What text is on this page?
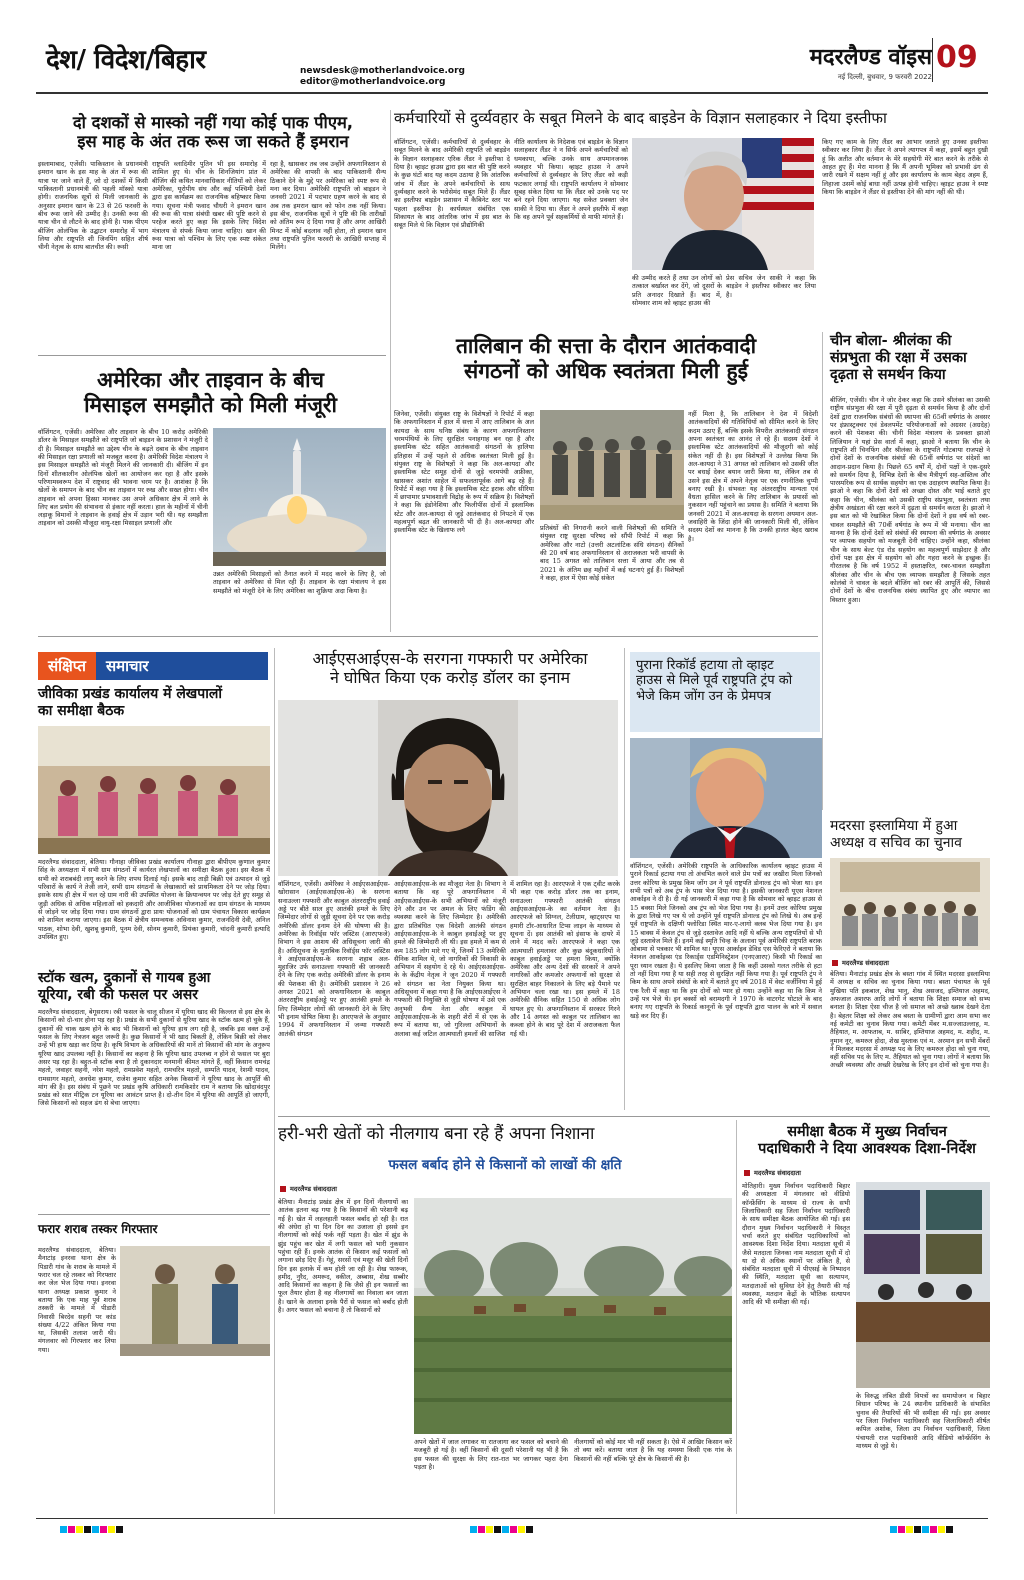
देश/ विदेश/बिहार	newsdesk@motherlandvoice.org
editor@motherlandvoice.org
मदरलैण्ड वॉइस 09
नई दिल्ली, बुधवार, 9 फरवरी 2022
दो दशकों से मास्को नहीं गया कोई पाक पीएम,
इस माह के अंत तक रूस जा सकते हैं इमरान
इस्लामाबाद, एजेंसी। पाकिस्तान के प्रधानमंत्री इमरान खान के इस माह के अंत में रूस की यात्रा पर जाने वाले हैं, जो दो दशकों में किसी पाकिस्तानी प्रधानमंत्री की पहली मॉस्को यात्रा होगी। राजनयिक सूत्रों से मिली जानकारी के अनुसार इमरान खान के 23 से 26 फरवरी के बीच रूस जाने की उम्मीद है। उनकी रूस की यात्रा चीन से लौटने के बाद होनी है। पाक पीएम बीजिंग ओलंपिक के उद्घाटन समारोह में भाग लिया और राष्ट्रपति शी जिनपिंग सहित शीर्ष चीनी नेतृत्व के साथ बातचीत की। रूसी
राष्ट्रपति व्लादिमीर पुतिन भी इस समारोह में शामिल हुए थे। चीन के शिनजियांग प्रांत में बीजिंग की कथित मानवाधिकार नीतियों को लेकर अमेरिका, यूरोपीय संघ और कई पश्चिमी देशों द्वारा इस कार्यक्रम का राजनयिक बहिष्कार किया गया। सूचना मंत्री फवाद चौधरी ने इमरान खान की रूस की यात्रा संबंधी खबर की पुष्टि करने से परहेज करते हुए कहा कि इसके लिए विदेश मंत्रालय से संपर्क किया जाना चाहिए। खान की रूस यात्रा को पश्चिम के लिए एक स्पष्ट संकेत माना जा
रहा है, खासकर तब जब उन्होंने अफगानिस्तान से अमेरिका की वापसी के बाद पाकिस्तानी सैन्य ठिकाने देने के मुद्दे पर अमेरिका को स्पष्ट रूप से मना कर दिया। अमेरिकी राष्ट्रपति जो बाइडन ने जनवरी 2021 में पदभार ग्रहण करने के बाद से अब तक इमरान खान को फोन तक नहीं किया। इस बीच, राजनयिक सूत्रों ने पुष्टि की कि तारीखों को अंतिम रूप दे दिया गया है और अगर आखिरी मिनट में कोई बदलाव नहीं होता, तो इमरान खान तथा राष्ट्रपति पुतिन फरवरी के आखिरी सप्ताह में मिलेंगे।
कर्मचारियों से दुर्व्यवहार के सबूत मिलने के बाद बाइडेन के विज्ञान सलाहकार ने दिया इस्तीफा
वॉशिंगटन, एजेंसी। कर्मचारियों से दुर्व्यवहार के सबूत मिलने के बाद अमेरिकी राष्ट्रपति जो बाइडेन के विज्ञान सलाहकार एरिक लैंडर ने इस्तीफा दे दिया है। व्हाइट हाउस द्वारा इस बात की पुष्टि करने के कुछ घंटों बाद यह कदम उठाया है कि आंतरिक जांच में लैंडर के अपने कर्मचारियों के साथ दुर्व्यवहार करने के भरोसेमंद सबूत मिले हैं। लैंडर का इस्तीफा बाइडेन प्रशासन में कैबिनेट स्तर पर पहला इस्तीफा है। कार्यस्थल संबंधित एक शिकायत के बाद आंतरिक जांच में इस बात के सबूत मिले थे कि विज्ञान एवं प्रौद्योगिकी
नीति कार्यालय के निदेशक एवं बाइडेन के विज्ञान सलाहकार लैंडर ने न सिर्फ अपने कर्मचारियों को धमकाया, बल्कि उनके साथ अपमानजनक व्यवहार भी किया। व्हाइट हाउस ने अपने कर्मचारियों से दुर्व्यवहार के लिए लैंडर को कड़ी फटकार लगाई थी। राष्ट्रपति कार्यालय ने सोमवार सुबह संकेत दिया था कि लैंडर को उनके पद पर बने रहने दिया जाएगा। यह सकेत प्रवक्ता जेन साकी ने दिया था। लैंडर ने अपने इस्तीफे में कहा कि वह अपने पूर्व सहकर्मियों से माफी मांगते हैं।
की उम्मीद करते हैं तथा उन लोगों को तत्काल बर्खास्त कर देंगे, जो दूसरों के प्रति अनादर दिखाते हैं। बाद में, सोमवार शाम को व्हाइट हाउस की
प्रेस सचिव जेन साकी ने कहा कि बाइडेन ने इस्तीफा स्वीकार कर लिया है।
किए गए काम के लिए लैंडर का आभार जताते हुए उनका इस्तीफा स्वीकार कर लिया है। लैंडर ने अपने त्यागपत्र में कहा, इसमें बहुत दुखी हूं कि अतीत और वर्तमान के मेरे सहयोगी मेरे बात करने के तरीके से आहत हुए हैं। मेरा मानना है कि मैं अपनी भूमिका को प्रभावी ढंग से जारी रखने में सक्षम नहीं हूं और इस कार्यालय के काम बेहद अहम हैं, लिहाजा उसमें कोई बाधा नहीं उत्पन्न होनी चाहिए। व्हाइट हाउस ने स्पष्ट किया कि बाइडेन ने लैंडर से इस्तीफा देने की मांग नहीं की थी।
अमेरिका और ताइवान के बीच
मिसाइल समझौते को मिली मंजूरी
वॉशिंगटन, एजेंसी। अमेरिका और ताइवान के बीच 10 करोड़ अमेरिकी डॉलर के मिसाइल समझौते को राष्ट्रपति जो बाइडन के प्रशासन ने मंजूरी दे दी है। मिसाइल समझौते का उद्देश्य चीन के बढ़ते दबाव के बीच ताइवान की मिसाइल रक्षा प्रणाली को मजबूत करना है। अमेरिकी विदेश मंत्रालय ने इस मिसाइल समझौते को मंजूरी मिलने की जानकारी दी। बीजिंग में इन दिनों शीतकालीन ओलंपिक खेलों का आयोजन कर रहा है और इसके परिणामस्वरूप देश में राष्ट्रवाद की भावना चरम पर है। आशंका है कि खेलों के समापन के बाद चीन का ताइवान पर रुख और सख्त होगा। चीन ताइवान को अपना हिस्सा मानकर उस अपने अधिकार क्षेत्र में लाने के लिए बल प्रयोग की संभावना से इंकार नहीं करता। हाल के महीनों में चीनी लड़ाकू विमानों ने ताइवान के हवाई क्षेत्र में उड़ान भरी थी। यह समझौता ताइवान को उसकी मौजूदा वायु-रक्षा मिसाइल प्रणाली और
उन्नत अमेरिकी मिसाइलों को तैनात करने में मदद करने के लिए है, जो ताइवान को अमेरिका से मिल रही हैं। ताइवान के रक्षा मंत्रालय ने इस समझौते को मंजूरी देने के लिए अमेरिका का शुक्रिया अदा किया है।
तालिबान की सत्ता के दौरान आतंकवादी
संगठनों को अधिक स्वतंत्रता मिली हुई
जिनेवा, एजेंसी। संयुक्त राष्ट्र के विशेषज्ञों ने रिपोर्ट में कहा कि अफगानिस्तान में हाल में सत्ता में आए तालिबान के अल कायदा के साथ घनिष्ठ संबंध के कारण अफगानिस्तान चरमपंथियों के लिए सुरक्षित पनाहगाह बन रहा है और इस्लामिक स्टेट सहित आतंकवादी संगठनों के हालिया इतिहास में उन्हें पहले से अधिक स्वतंत्रता मिली हुई है। संयुक्त राष्ट्र के विशेषज्ञों ने कहा कि अल-कायदा और इस्लामिक स्टेट समूह दोनों से जुड़े चरमपंथी अफ्रीका, खासकर अशांत साहेल में सफलतापूर्वक आगे बढ़ रहे हैं। रिपोर्ट में कहा गया है कि इस्लामिक स्टेट इराक और सीरिया में छापामार प्रभावशाली विद्रोह के रूप में सक्रिय है। विशेषज्ञों ने कहा कि इंडोनेशिया और फिलीपींस दोनों में इस्लामिक स्टेट और अल-कायदा से जुड़े आतंकवाद से निपटने में एक महत्वपूर्ण बढ़त की जानकारी भी दी है। अल-कायदा और इस्लामिक स्टेट के खिलाफ लगे	प्रतिबंधों की निगरानी करने वाली विशेषज्ञों की समिति ने संयुक्त राष्ट्र सुरक्षा परिषद को सौंपी रिपोर्ट में कहा कि अमेरिका और नाटो (उत्तरी अटलांटिक संधि संगठन) सैनिकों की 20 वर्ष बाद अफगानिस्तान से अराजकता भरी वापसी के बाद 15 अगस्त को तालिबान सत्ता में आया और तब से 2021 के अंतिम छह महीनों में कई घटनाएं हुई हैं। विशेषज्ञों ने कहा, हाल में ऐसा कोई संकेत
नहीं मिला है, कि तालिबान ने देश में विदेशी आतंकवादियों की गतिविधियों को सीमित करने के लिए कदम उठाए हैं, बल्कि इसके विपरीत आतंकवादी संगठन अपना स्वतंत्रता का आनंद ले रहे हैं। सदस्य देशों ने इस्लामिक स्टेट आतंकवादियों की मौजूदगी को कोई संकेत नहीं दी है। इस विशेषज्ञों ने उल्लेख किया कि अल-कायदा ने 31 अगस्त को तालिबान को उसकी जीत पर बधाई देकर बयान जारी किया था, लेकिन तब से उसने इस क्षेत्र में अपने नेतृत्व पर एक रणनीतिक चुप्पी बनाए रखी है। संभवतः यह अंतरराष्ट्रीय मान्यता एवं वैधता हासिल करने के लिए तालिबान के प्रयासों को नुकसान नहीं पहुंचाने का प्रयास है। समिति ने बताया कि जनवरी 2021 में अल-कायदा के सरगना अयमान अल-जवाहिरी के जिंदा होने की जानकारी मिली थी, लेकिन सदस्य देशों का मानना है कि उनकी हालत बेहद खराब है।
चीन बोला- श्रीलंका की
संप्रभुता की रक्षा में उसका
दृढ़ता से समर्थन किया
बीजिंग, एजेंसी। चीन ने जोर देकर कहा कि उसने श्रीलंका का उसकी राष्ट्रीय संप्रभुता की रक्षा में पूरी दृढ़ता से समर्थन किया है और दोनों देशों द्वारा राजनयिक संबंधों की स्थापना की 65वीं वर्षगांठ के अवसर पर इंफ्रास्ट्रक्चर एवं डेवलपमेंट परियोजनाओं को अग्रसर (अग्रदेह) करने की पेशकश की। चीनी विदेश मंत्रालय के प्रवक्ता झाओ लिजियान ने यहां प्रेस वार्ता में कहा, झाओ ने बताया कि चीन के राष्ट्रपति शी चिनफिंग और श्रीलंका के राष्ट्रपति गोटबाया राजपक्षे ने दोनों देशों के राजनयिक संबंधों की 65वीं वर्षगांठ पर संदेशों का आदान-प्रदान किया है। पिछले 65 वर्षों में, दोनों पक्षों ने एक-दूसरे को समर्थन दिया है, विभिन्न देशों के बीच मैत्रीपूर्ण सह-अस्तित्व और पारस्परिक रूप से सार्थक सहयोग का एक उदाहरण स्थापित किया है। झाओ ने कहा कि दोनों देशों को अच्छा दोस्त और भाई बताते हुए कहा कि चीन, श्रीलंका को उसकी राष्ट्रीय संप्रभुता, स्वतंत्रता तथा क्षेत्रीय अखंडता की रक्षा करने में दृढ़ता से समर्थन करता है। झाओ ने इस बात को भी रेखांकित किया कि दोनों देशों ने इस वर्ष को रबर-चावल समझौते की 70वीं वर्षगांठ के रूप में भी मनाया। चीन का मानना है कि दोनों देशों को संबंधों की स्थापना की वर्षगांठ के अवसर पर व्यापक सहयोग को मजबूती देनी चाहिए। उन्होंने कहा, श्रीलंका चीन के साथ बेल्ट एंड रोड सहयोग का महत्वपूर्ण साझेदार है और दोनों पक्ष इस क्षेत्र में सहयोग को और गहरा करने के इच्छुक हैं। गौरतलब है कि वर्ष 1952 में हस्ताक्षरित, रबर-चावल समझौता श्रीलंका और चीन के बीच एक व्यापक समझौता है जिसके तहत कोलंबो ने चावल के बदले बीजिंग को रबर की आपूर्ति की, जिससे दोनों देशों के बीच राजनयिक संबंध स्थापित हुए और व्यापार का विस्तार हुआ।
संक्षिप्त	समाचार
जीविका प्रखंड कार्यालय में लेखपालों
का समीक्षा बैठक
मदरलैण्ड संवाददाता, बेतिया। गौनाहा जीविका प्रखंड कार्यालय गौनाहा द्वारा बीपीएम कुणाल कुमार सिंह के अध्यक्षता में सभी ग्राम संगठनों में कार्यरत लेखपालों का समीक्षा बैठक हुआ। इस बैठक में सभी को शराबबंदी लागू करने के लिए शपथ दिलाई गई। इसके बाद ताड़ी बिक्री एवं उत्पादन से जुड़े परिवारों के कार्य ने तेजी लाने, सभी ग्राम संगठनों के लेखाकारों को प्राथमिकता देने पर जोड़ दिया। इसके साथ ही क्षेत्र में चल रहे ग्राम नारी की उपस्थित योजना के क्रियान्वयन पर जोड़ देते हुए समूह से जुड़ी अधिक से अधिक महिलाओं को हकदारी और आजीविका योजनाओं का ग्राम संगठन के माध्यम से जोड़ने पर जोड़ दिया गया। ग्राम संगठनों द्वारा प्रायः योजनाओं को ग्राम पंचायत विकास कार्यक्रम को शामिल कराया जाएगा। इस बैठक में क्षेत्रीय समन्वयक अविनाश कुमार, राजनंदिनी देवी, अनिल पाठक, शोभा देवी, खुशबू कुमारी, पूनम देवी, सोनम कुमारी, प्रियंका कुमारी, चांदनी कुमारी इत्यादि उपस्थित हुए।
स्टॉक खत्म, दुकानों से गायब हुआ
यूरिया, रबी की फसल पर असर
मदरलैण्ड संवाददाता, बेगूसराय। रबी फसल के चालू सीजन में यूरिया खाद की किल्लत से इस क्षेत्र के किसानों को दो-चार होना पड़ रहा है। प्रखंड के सभी दुकानों से यूरिया खाद के स्टॉक खत्म हो चुके हैं, दुकानों की चाक खत्म होने के बाद भी किसानों को यूरिया हाथ लग रही है, जबकि इस वक्त उन्हें फसल के लिए नेत्रजन बहुत जरूरी है। कुछ किसानों ने भी खाद बिकती है, लेकिन बिक्री को लेकर उन्हें भी हाथ खड़ा कर दिया है। कृषि विभाग के अधिकारियों की मानें तो किसानों की मांग के अनुरूप यूरिया खाद उपलब्ध नहीं है। किसानों का कहना है कि यूरिया खाद उपलब्ध न होने से फसल पर बुरा असर पड़ रहा है। बहुत-से स्टॉक बचा है तो दुकानदार मनमानी कीमत मांगते हैं, वहीं किसान रामचंद्र महतो, जवाहर सहनी, नरेश महतो, रामप्रवेश महतो, रामचरित्र महतो, सम्पति यादव, रेशमी यादव, रामसागर महतो, अवधेश कुमार, राजेश कुमार सहित अनेक किसानों ने यूरिया खाद के आपूर्ति की मांग की है। इस संबंध में पूछने पर प्रखंड कृषि अधिकारी रामकिशोर राम ने बताया कि खोदावंदपुर प्रखंड को सात मीट्रिक टन यूरिया का आवंटन प्राप्त है। दो-तीन दिन में यूरिया की आपूर्ति हो जाएगी, जिसे किसानों को सहज ढंग से बेचा जाएगा।
फरार शराब तस्कर गिरफ्तार
मदरलैण्ड संवाददाता, बेतिया। मैनाटांड़ इनरवा थाना क्षेत्र के पिडारी गांव के शराब के मामले में फरार चल रहे तस्कर को गिरफ्तार कर जेल भेज दिया गया। इनरवा थाना अध्यक्ष प्रकाश कुमार ने बताया कि एक माह पूर्व शराब तस्करी के मामले में पीडारी निवासी बिरदेव सहनी पर कांड संख्या 4/22 अंकित किया गया था, जिसकी तलाश जारी थी। मंगलवार को गिरफ्तार कर लिया गया।
आईएसआईएस-के सरगना गफ्फारी पर अमेरिका
ने घोषित किया एक करोड़ डॉलर का इनाम
वॉशिंगटन, एजेंसी। अमेरिका ने आईएसआईएस-खोरासान (आईएसआईएस-के) के सरगना सनाउल्ला गफ्फारी और काबुल अंतरराष्ट्रीय हवाई अड्डे पर बीते साल हुए आतंकी हमले के लिए जिम्मेदार लोगों से जुड़ी सूचना देने पर एक करोड़ अमेरिकी डॉलर इनाम देने की घोषणा की है। अमेरिका के रिवॉर्ड्स फॉर जस्टिस (आरएफजे) विभाग ने इस आशय की अधिसूचना जारी की है। अधिसूचना के मुताबिक रिवॉर्ड्स फॉर जस्टिस ने आईएसआईएस-के सरगना शहाब अल-मुहाजिर उर्फ सनाउल्ला गफ्फारी की जानकारी देने के लिए एक करोड़ अमेरिकी डॉलर के इनाम की पेशकश की है। अमेरिकी प्रशासन ने 26 अगस्त 2021 को अफगानिस्तान के काबुल अंतरराष्ट्रीय हवाईअड्डे पर हुए आतंकी हमले के लिए जिम्मेदार लोगों की जानकारी देने के लिए भी इनाम घोषित किया है। आरएफजे के अनुसार 1994 में अफगानिस्तान में जन्मा गफ्फारी आतंकी संगठन
आईएसआईएस-के का मौजूदा नेता है। विभाग ने बताया कि वह पूरे अफगानिस्तान में आईएसआईएस-के सभी अभियानों को मंजूरी देने और उन पर अमल के लिए फंडिंग की व्यवस्था करने के लिए जिम्मेदार है। अमेरिकी द्वारा प्रतिबंधित एक विदेशी आतंकी संगठन आईएसआईएस-के ने काबुल हवाईअड्डे पर हुए हमले की जिम्मेदारी ली थी। इस हमले में कम से कम 185 लोग मारे गए थे, जिनमें 13 अमेरिकी सैनिक शामिल थे, जो नागरिकों की निकासी के अभियान में सहयोग दे रहे थे। आईएसआईएस-के के केंद्रीय नेतृत्व ने जून 2020 में गफ्फारी को संगठन का नेता नियुक्त किया था। अधिसूचना में कहा गया है कि आईएसआईएस ने गफ्फारी की नियुक्ति से जुड़ी घोषणा में उसे एक अनुभवी सैन्य नेता और काबुल में आईएसआईएस-के के शहरी शेरों में से एक के रूप में बताया था, जो गुरिल्ला अभियानों के अलावा कई जटिल आत्मघाती हमलों की साजिश
में शामिल रहा है। आरएफजे ने एक ट्वीट करके भी कहा एक करोड़ डॉलर तक का इनाम, सनाउल्ला गफ्फारी आतंकी संगठन आईएसआईएस-के का वर्तमान नेता है। आरएफजे को सिग्नल, टेलीग्राम, व्हाट्सएप या हमारी टॉर-आधारित टिप्स लाइन के माध्यम से सूचना दें। इस आतंकी को इंसाफ के दायरे में लाने में मदद करें। आरएफजे ने कहा एक आत्मघाती हमलावर और कुछ बंदूकधारियों ने काबुल हवाईअड्डे पर हमला किया, क्योंकि अमेरिका और अन्य देशों की सरकारें ने अपने नागरिकों और कमजोर अफगानों को सुरक्षा से सुरक्षित बाहर निकालने के लिए बड़े पैमाने पर अभियान चला रखा था। इस हमले में 18 अमेरिकी सैनिक सहित 150 से अधिक लोग घायल हुए थे। अफगानिस्तान में सरकार गिरने और 14 अगस्त को काबुल पर तालिबान का कब्जा होने के बाद पूरे देश में अराजकता फैल गई थी।
पुराना रिकॉर्ड हटाया तो व्हाइट
हाउस से मिले पूर्व राष्ट्रपति ट्रंप को
भेजे किम जोंग उन के प्रेमपत्र
मदरसा इस्लामिया में हुआ
अध्यक्ष व सचिव का चुनाव
वॉशिंगटन, एजेंसी। अमेरिकी राष्ट्रपति के आधिकारिक कार्यालय व्हाइट हाउस में पुराने रिकार्ड हटाया गया तो अंचभित करने वाले प्रेम पत्रों का जखीरा मिला जिनको उत्तर कोरिया के प्रमुख किम जोंग उन ने पूर्व राष्ट्रपति डोनाल्ड ट्रंप को भेजा था। इन सभी पत्रों को अब ट्रंप के पास भेज दिया गया है। इसकी जानकारी यूएस नेशनल आर्काइव ने दी है। दी गई जानकारी में कहा गया है कि सोमवार को व्हाइट हाउस से 15 बक्सा मिले जिनको अब ट्रंप को भेज दिया गया है। इनमें उत्तर कोरिया प्रमुख के द्वारा लिखे गए पत्र थे जो उन्होंने पूर्व राष्ट्रपति डोनाल्ड ट्रंप को लिखे थे। अब इन्हें पूर्व राष्ट्रपति के दक्षिणी फ्लोरिडा स्थित मार-ए-लागो क्लब भेज दिया गया है। इन 15 बाक्स में केवल ट्रंप से जुड़े दस्तावेज आदि नहीं थे बल्कि अन्य राष्ट्रपतियों से भी जुड़े दस्तावेज मिले हैं। इनमें कई स्मृति चिन्ह के अलावा पूर्व अमेरिकी राष्ट्रपति बराक ओबामा से पत्रकार भी शामिल था। यूएस आर्काइव डेविड एस फेरिएरो ने बताया कि नेशनल आर्काइव्स एंड रिकार्ड्स एडमिनिस्ट्रेशन (एनएआरए) किसी भी रिकार्ड का पूरा ध्यान रखता है। ये इसलिए किया जाता है कि कहीं उसको गलत तरीके से हटा तो नहीं दिया गया है या सही तरह से सुरक्षित नहीं किया गया है। पूर्व राष्ट्रपति ट्रंप ने किम के साथ अपने संबंधों के बारे में बताते हुए वर्ष 2018 में वेस्ट वर्जीनिया में हुई एक रैली में कहा था कि हम दोनों को प्यार हो गया। उन्होंने कहा था कि किम ने उन्हें पत्र भेजे थे। इन बक्सों को बरामदगी ने 1970 के वाटरगेट घोटाले के बाद बनाए गए राष्ट्रपति के रिकार्ड कानूनों के पूर्व राष्ट्रपति द्वारा पालन के बारे में सवाल खड़े कर दिए हैं।
मदरलैण्ड संवाददाता
बेतिया। मैनाटांड़ प्रखंड क्षेत्र के बस्ता गांव में स्थित मदरसा इस्लामिया में अध्यक्ष व सचिव का चुनाव किया गया। बस्ता पंचायत के पूर्व मुखिया पति इकबाल, शेख भानु, शेख असजद, इम्तियाज अहमद, अफजाल अशरफ आदि लोगों ने बताया कि शिक्षा समाज को सभ्य बनाता है। शिक्षा ऐसा चीज है जो समाज को अच्छे ख्वाब देखने देता है। बेहतर शिक्षा को लेकर अब बस्ता के ग्रामीणों द्वारा आम सभा कर नई कमेटी का चुनाव किया गया। कमेटी मेंबर म.सज्जाउल्लाह, म. तैहियात, म. आफताब, म. साबिर, इम्तियाज अहमद, म. शहीद, म. नुमान नूर, कमरुल होदा, शेख मुस्ताक एवं म. अरमान इन सभी मेंबरों ने मिलकर मदरसा में अध्यक्ष पद के लिए कमरुल होदा को चुना गया, वहीं सचिव पद के लिए म. तैहियात को चुना गया। लोगों ने बताया कि अच्छी व्यवस्था और अच्छी देखरेख के लिए इन दोनों को चुना गया है।
हरी-भरी खेतों को नीलगाय बना रहे हैं अपना निशाना
फसल बर्बाद होने से किसानों को लाखों की क्षति
मदरलैण्ड संवाददाता
बेतिया। मैनाटांड़ प्रखंड क्षेत्र में इन दिनों नीलगायों का आतंक इतना बढ़ गया है कि किसानों की परेशानी बढ़ गई है। खेत में लहलहाती फसल बर्बाद हो रही है। रात की अंधेरा हो या दिन दिन का उजाला हो इससे इन नीलगायों को कोई फर्क नहीं पड़ता है। खेत में झुंड के झुंड पहुंच कर खेत में लगी फसल को भारी नुकसान पहुंचा रही हैं। इनके आतंक से किसान कई फसलों को लगाना छोड़ दिए हैं। गेहूं, सरसों एवं मसूर की खेती दिनों दिन इस इलाके में कम होती जा रही है। शेख फारूक, हमीद, नुरैद, अमरूद, वकील, अब्बास, शेख सब्बीर आदि किसानों का कहना है कि जैसे ही इन फसलों का फूल तैयार होता है वह नीलगायों का निवाला बन जाता है। खाने के अलावा इनके पैरों से फसल को बर्बाद होती है। अगर फसल को बचाना है तो किसानों को
अपने खेतों में जाल लगाकर या रातजागा कर फसल को बचाने की मजबूरी हो गई है। वहीं किसानों की दूसरी परेशानी यह भी है कि इस फसल की सुरक्षा के लिए रात-रात भर जागकर पहरा देना पड़ता है।
नीलगायों को कोई मार भी नहीं सकता है। ऐसे में आखिर किसान करें तो क्या करें। बताया जाता है कि यह समस्या किसी एक गांव के किसानों की नहीं बल्कि पूरे क्षेत्र के किसानों की है।
समीक्षा बैठक में मुख्य निर्वाचन
पदाधिकारी ने दिया आवश्यक दिशा-निर्देश
मदरलैण्ड संवाददाता
मोतिहारी। मुख्य निर्वाचन पदाधिकारी बिहार की अध्यक्षता में मंगलवार को वीडियो कॉन्फ्रेंसिंग के माध्यम से राज्य के सभी जिलाधिकारी सह जिला निर्वाचन पदाधिकारी के साथ समीक्षा बैठक आयोजित की गई। इस दौरान मुख्य निर्वाचन पदाधिकारी ने विस्तृत चर्चा करते हुए संबंधित पदाधिकारियों को आवश्यक दिशा निर्देश दिया। मतदाता सूची में जैसे मतदाता जिनका नाम मतदाता सूची में दो या दो से अधिक स्थानों पर अंकित है, से संबंधित मतदाता सूची में पीएसई के निष्पादन की स्थिति, मतदाता सूची का सत्यापन, मतदाताओं को सुविधा देने हेतु तैयारी की गई व्यवस्था, मतदान केंद्रों के भौतिक सत्यापन आदि की भी समीक्षा की गई।
के विरुद्ध लंबित डीसी विपत्रों का समायोजन व बिहार विधान परिषद के 24 स्थानीय प्राधिकारी के संभावित चुनाव की तैयारियों की भी समीक्षा की गई। इस अवसर पर जिला निर्वाचन पदाधिकारी सह जिलाधिकारी शीर्षत कपिल अशोक, जिला उप निर्वाचन पदाधिकारी, जिला पंचायती राज पदाधिकारी आदि वीडियो कॉन्फ्रेंसिंग के माध्यम से जुड़े थे।
